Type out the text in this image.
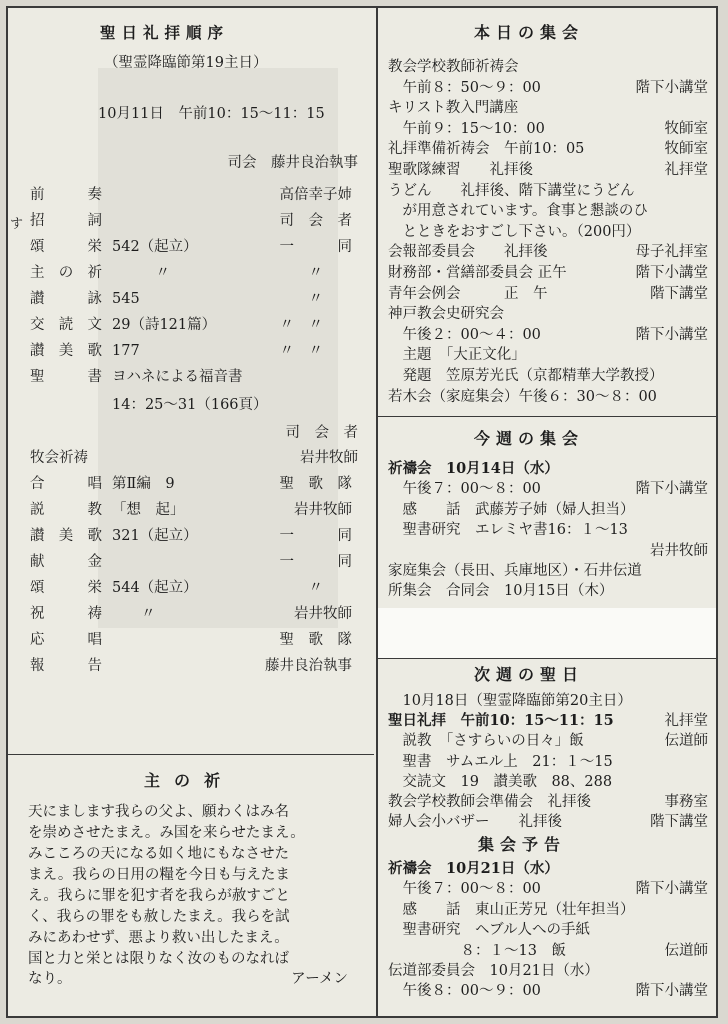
聖日礼拝順序
（聖霊降臨節第19主日）
10月11日　午前10：15～11：15
司会　藤井良治執事
す
前	奏	高倍幸子姉
招	詞	司　会　者
頌	栄 542（起立）	一　　　同
主 の 祈 　　　〃	〃　　
讃	詠 545	〃　　
交 読 文 29（詩121篇）	〃　〃　　
讃 美 歌 177	〃　〃　　
聖	書 ヨハネによる福音書
14：25～31（166頁）
司　会　者
牧会祈祷	岩井牧師
合	唱 第Ⅱ編　9	聖　歌　隊
説	教 「想　起」	岩井牧師
讃 美 歌 321（起立）	一　　　同
献	金	一　　　同
頌	栄 544（起立）	〃　　
祝	祷 　　〃	岩井牧師
応	唱	聖　歌　隊
報	告	藤井良治執事
主の祈

天にまします我らの父よ、願わくはみ名

を崇めさせたまえ。み国を来らせたまえ。

みこころの天になる如く地にもなさせた

まえ。我らの日用の糧を今日も与えたま

え。我らに罪を犯す者を我らが赦すごと

く、我らの罪をも赦したまえ。我らを試

みにあわせず、悪より救い出したまえ。

国と力と栄とは限りなく汝のものなれば

なり。	アーメン
本日の集会
教会学校教師祈祷会
　午前８：50～９：00	階下小講堂
キリスト教入門講座
　午前９：15～10：00	牧師室
礼拝準備祈祷会　午前10：05	牧師室
聖歌隊練習　　礼拝後	礼拝堂
うどん　　礼拝後、階下講堂にうどん
　が用意されています。食事と懇談のひ
　とときをおすごし下さい。（200円）
会報部委員会　　礼拝後	母子礼拝室
財務部・営繕部委員会 正午	階下小講堂
青年会例会　　　正　午	階下講堂
神戸教会史研究会
　午後２：00～４：00	階下小講堂
　主題　「大正文化」
　発題　笠原芳光氏（京都精華大学教授）
若木会（家庭集会）午後６：30～８：00
今週の集会
祈禱会　10月14日（水）
　午後７：00～８：00	階下小講堂
　感　　話　武藤芳子姉（婦人担当）
　聖書研究　エレミヤ書16：１～13
岩井牧師
家庭集会（長田、兵庫地区）・石井伝道
所集会　合同会　10月15日（木）
次週の聖日
　10月18日（聖霊降臨節第20主日）
聖日礼拝　午前10：15～11：15	礼拝堂
　説教　「さすらいの日々」飯	伝道師
　聖書　サムエル上　21：１～15
　交読文　19　讃美歌　88、288
教会学校教師会準備会　礼拝後	事務室
婦人会小バザー　　礼拝後	階下講堂
集会予告
祈禱会　10月21日（水）
　午後７：00～８：00	階下小講堂
　感　　話　東山正芳兄（壮年担当）
　聖書研究　ヘブル人への手紙
　　　　　８：１～13　飯	伝道師
伝道部委員会　10月21日（水）
　午後８：00～９：00	階下小講堂
